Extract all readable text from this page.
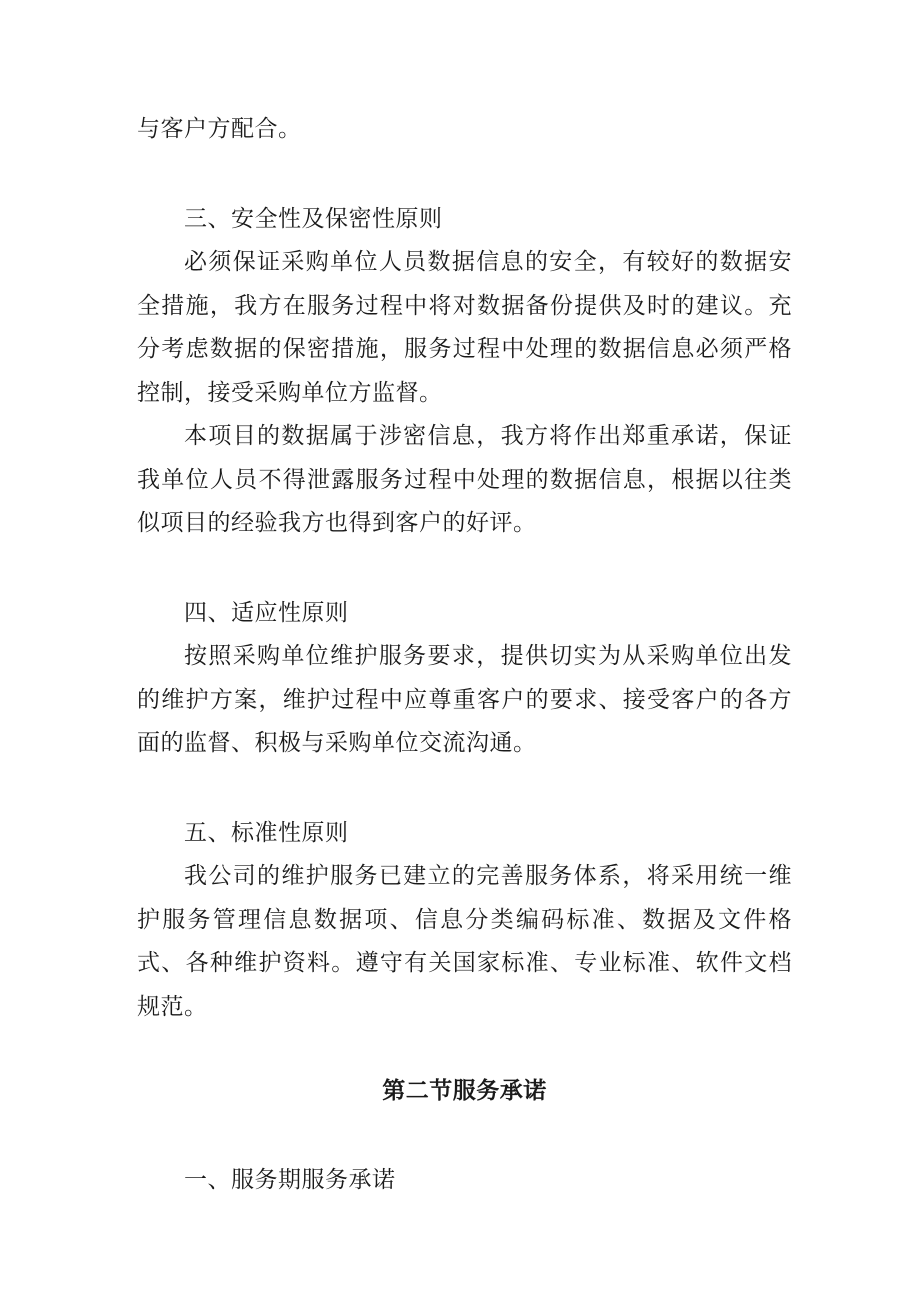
与客户方配合。

三、安全性及保密性原则

必须保证采购单位人员数据信息的安全，有较好的数据安全措施，我方在服务过程中将对数据备份提供及时的建议。充分考虑数据的保密措施，服务过程中处理的数据信息必须严格控制，接受采购单位方监督。

本项目的数据属于涉密信息，我方将作出郑重承诺，保证我单位人员不得泄露服务过程中处理的数据信息，根据以往类似项目的经验我方也得到客户的好评。

四、适应性原则

按照采购单位维护服务要求，提供切实为从采购单位出发的维护方案，维护过程中应尊重客户的要求、接受客户的各方面的监督、积极与采购单位交流沟通。

五、标准性原则

我公司的维护服务已建立的完善服务体系，将采用统一维护服务管理信息数据项、信息分类编码标准、数据及文件格式、各种维护资料。遵守有关国家标准、专业标准、软件文档规范。

第二节服务承诺

一、服务期服务承诺
